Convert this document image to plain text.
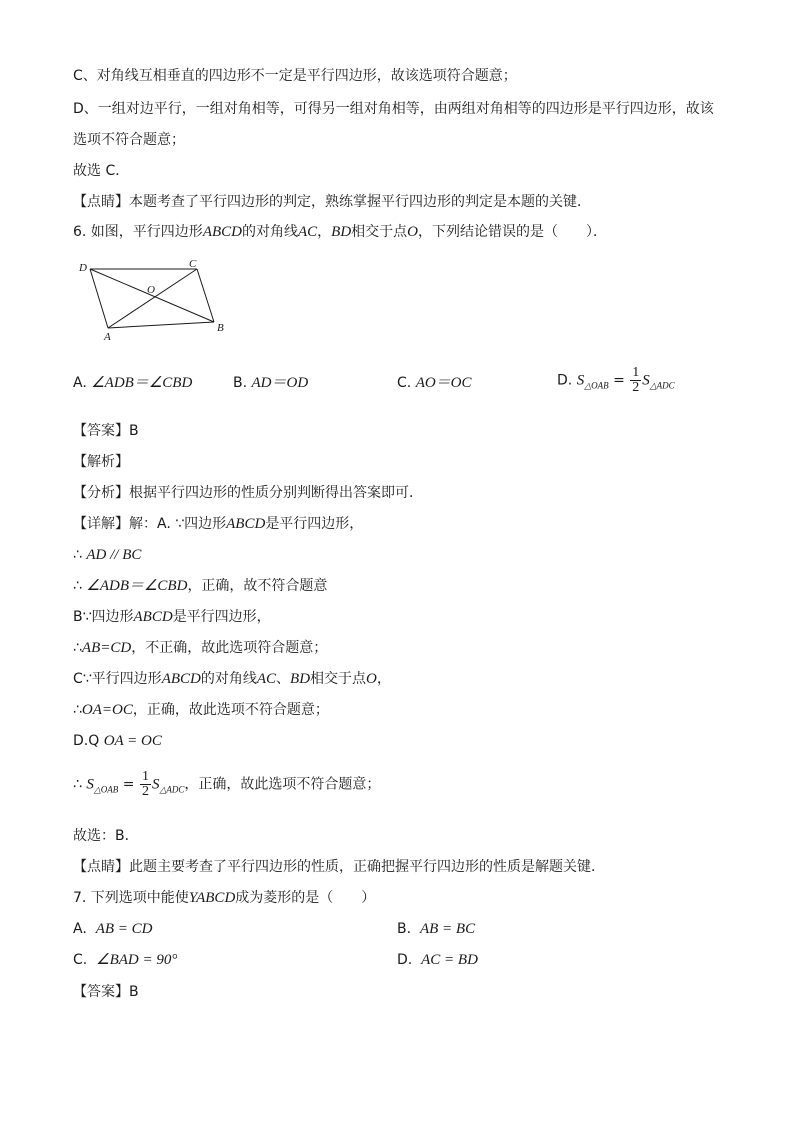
C、对角线互相垂直的四边形不一定是平行四边形，故该选项符合题意；
D、一组对边平行，一组对角相等，可得另一组对角相等，由两组对角相等的四边形是平行四边形，故该
选项不符合题意；
故选 C．
【点睛】本题考查了平行四边形的判定，熟练掌握平行四边形的判定是本题的关键．
6. 如图，平行四边形ABCD的对角线AC，BD相交于点O，下列结论错误的是（　　）．
D	C
O
A
B
A. ∠ADB＝∠CBD	B. AD＝OD	C. AO＝OC	D. $S_{\triangle OAB} = \frac{1}{2} S_{\triangle ADC}$
【答案】B
【解析】
【分析】根据平行四边形的性质分别判断得出答案即可．
【详解】解：A. ∵四边形ABCD是平行四边形，
∴ AD // BC
∴ ∠ADB＝∠CBD，正确，故不符合题意
B∵四边形ABCD是平行四边形，
∴AB=CD，不正确，故此选项符合题意；
C∵平行四边形ABCD的对角线AC、BD相交于点O，
∴OA=OC，正确，故此选项不符合题意；
D.Q OA = OC
∴ $S_{\triangle OAB} = \frac{1}{2} S_{\triangle ADC}$，正确，故此选项不符合题意；
故选：B．
【点睛】此题主要考查了平行四边形的性质，正确把握平行四边形的性质是解题关键．
7. 下列选项中能使YABCD成为菱形的是（　　）
A. AB = CD	B. AB = BC
C. ∠BAD = 90°	D. AC = BD
【答案】B
